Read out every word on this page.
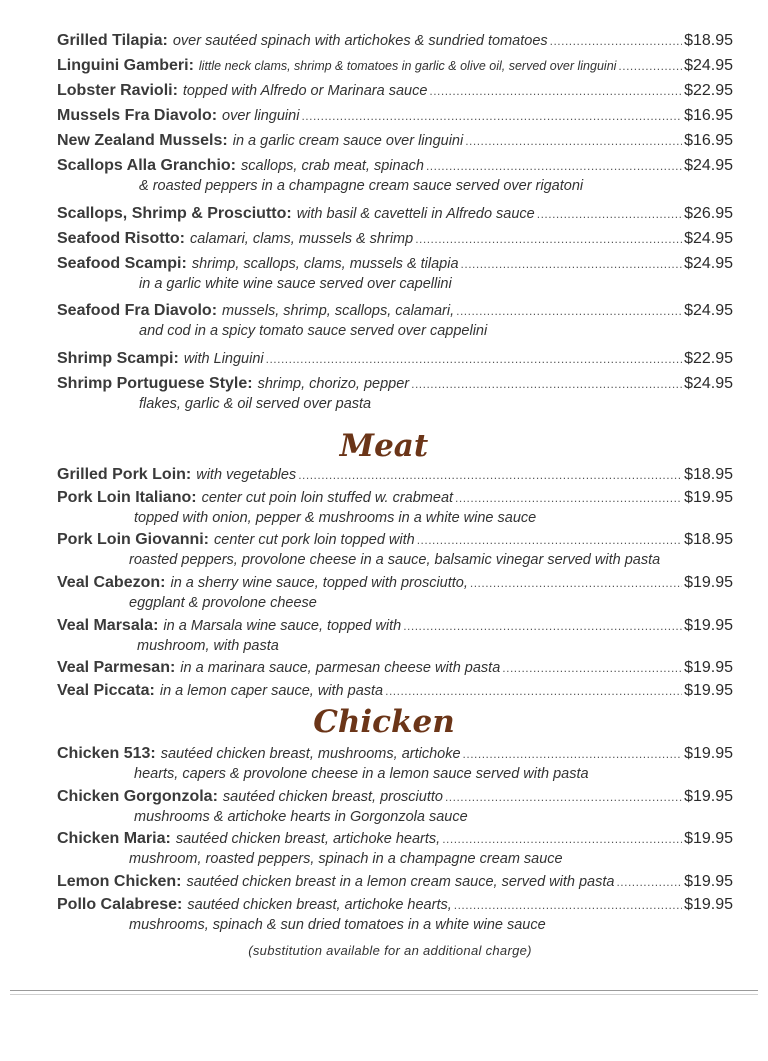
Grilled Tilapia: over sautéed spinach with artichokes & sundried tomatoes .....	$18.95
Linguini Gamberi: little neck clams, shrimp & tomatoes in garlic & olive oil, served over linguini .....	$24.95
Lobster Ravioli: topped with Alfredo or Marinara sauce .....	$22.95
Mussels Fra Diavolo: over linguini .....	$16.95
New Zealand Mussels: in a garlic cream sauce over linguini .....	$16.95
Scallops Alla Granchio: scallops, crab meat, spinach .....	$24.95
& roasted peppers in a champagne cream sauce served over rigatoni
Scallops, Shrimp & Prosciutto: with basil & cavetteli in Alfredo sauce .....	$26.95
Seafood Risotto: calamari, clams, mussels & shrimp .....	$24.95
Seafood Scampi: shrimp, scallops, clams, mussels & tilapia .....	$24.95
in a garlic white wine sauce served over capellini
Seafood Fra Diavolo: mussels, shrimp, scallops, calamari, .....	$24.95
and cod in a spicy tomato sauce served over cappelini
Shrimp Scampi: with Linguini .....	$22.95
Shrimp Portuguese Style: shrimp, chorizo, pepper .....	$24.95
flakes, garlic & oil served over pasta
Meat
Grilled Pork Loin: with vegetables .....	$18.95
Pork Loin Italiano: center cut poin loin stuffed w. crabmeat .....	$19.95
topped with onion, pepper & mushrooms in a white wine sauce
Pork Loin Giovanni: center cut pork loin topped with .....	$18.95
roasted peppers, provolone cheese in a sauce, balsamic vinegar served with pasta
Veal Cabezon: in a sherry wine sauce, topped with prosciutto, .....	$19.95
eggplant & provolone cheese
Veal Marsala: in a Marsala wine sauce, topped with .....	$19.95
mushroom, with pasta
Veal Parmesan: in a marinara sauce, parmesan cheese with pasta .....	$19.95
Veal Piccata: in a lemon caper sauce, with pasta .....	$19.95
Chicken
Chicken 513: sautéed chicken breast, mushrooms, artichoke .....	$19.95
hearts, capers & provolone cheese in a lemon sauce served with pasta
Chicken Gorgonzola: sautéed chicken breast, prosciutto .....	$19.95
mushrooms & artichoke hearts in Gorgonzola sauce
Chicken Maria: sautéed chicken breast, artichoke hearts, .....	$19.95
mushroom, roasted peppers, spinach in a champagne cream sauce
Lemon Chicken: sautéed chicken breast in a lemon cream sauce, served with pasta .....	$19.95
Pollo Calabrese: sautéed chicken breast, artichoke hearts, .....	$19.95
mushrooms, spinach & sun dried tomatoes in a white wine sauce
(substitution available for an additional charge)
